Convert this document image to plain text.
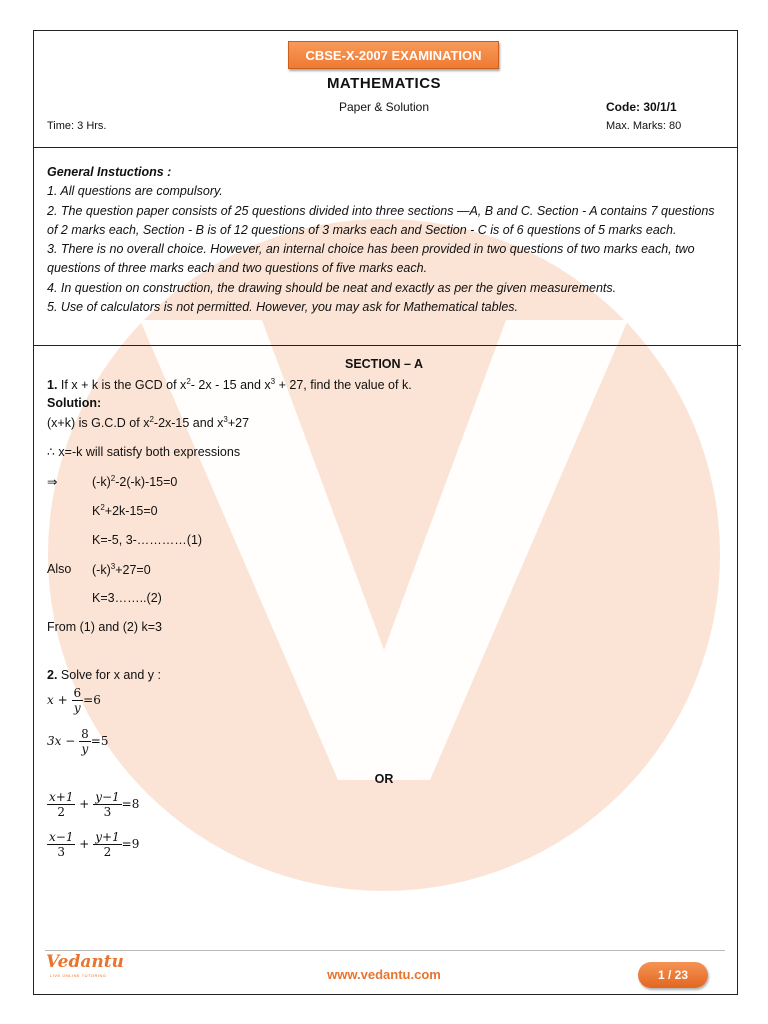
CBSE-X-2007 EXAMINATION
MATHEMATICS
Paper & Solution	Code: 30/1/1
Time: 3 Hrs.	Max. Marks: 80

General Instuctions :

1. All questions are compulsory.

2. The question paper consists of 25 questions divided into three sections —A, B and C. Section - A contains 7 questions of 2 marks each, Section - B is of 12 questions of 3 marks each and Section - C is of 6 questions of 5 marks each.

3. There is no overall choice. However, an internal choice has been provided in two questions of two marks each, two questions of three marks each and two questions of five marks each.

4. In question on construction, the drawing should be neat and exactly as per the given measurements.

5. Use of calculators is not permitted. However, you may ask for Mathematical tables.

SECTION – A
1. If x + k is the GCD of $x^2-$ 2x - 15 and $x^3 + 27$, find the value of k.
Solution:
(x+k) is G.C.D of $x^2-2x-15$ and $x^3+27$
∴ x=-k will satisfy both expressions
⇒	$(-k)^2-2(-k)-15=0$
$K^2+2k-15=0$
K=-5, 3-…………(1)
Also $(-k)^3+27=0$
K=3……..(2)
From (1) and (2) k=3
2. Solve for x and y :
$x + \frac{6}{y} =6$
$3x - \frac{8}{y} =5$
OR
$\frac{x+1}{2} + \frac{y-1}{3} =8$
$\frac{x-1}{3} + \frac{y+1}{2} =9$
Vedantu
LIVE ONLINE TUTORING	www.vedantu.com	1 / 23
